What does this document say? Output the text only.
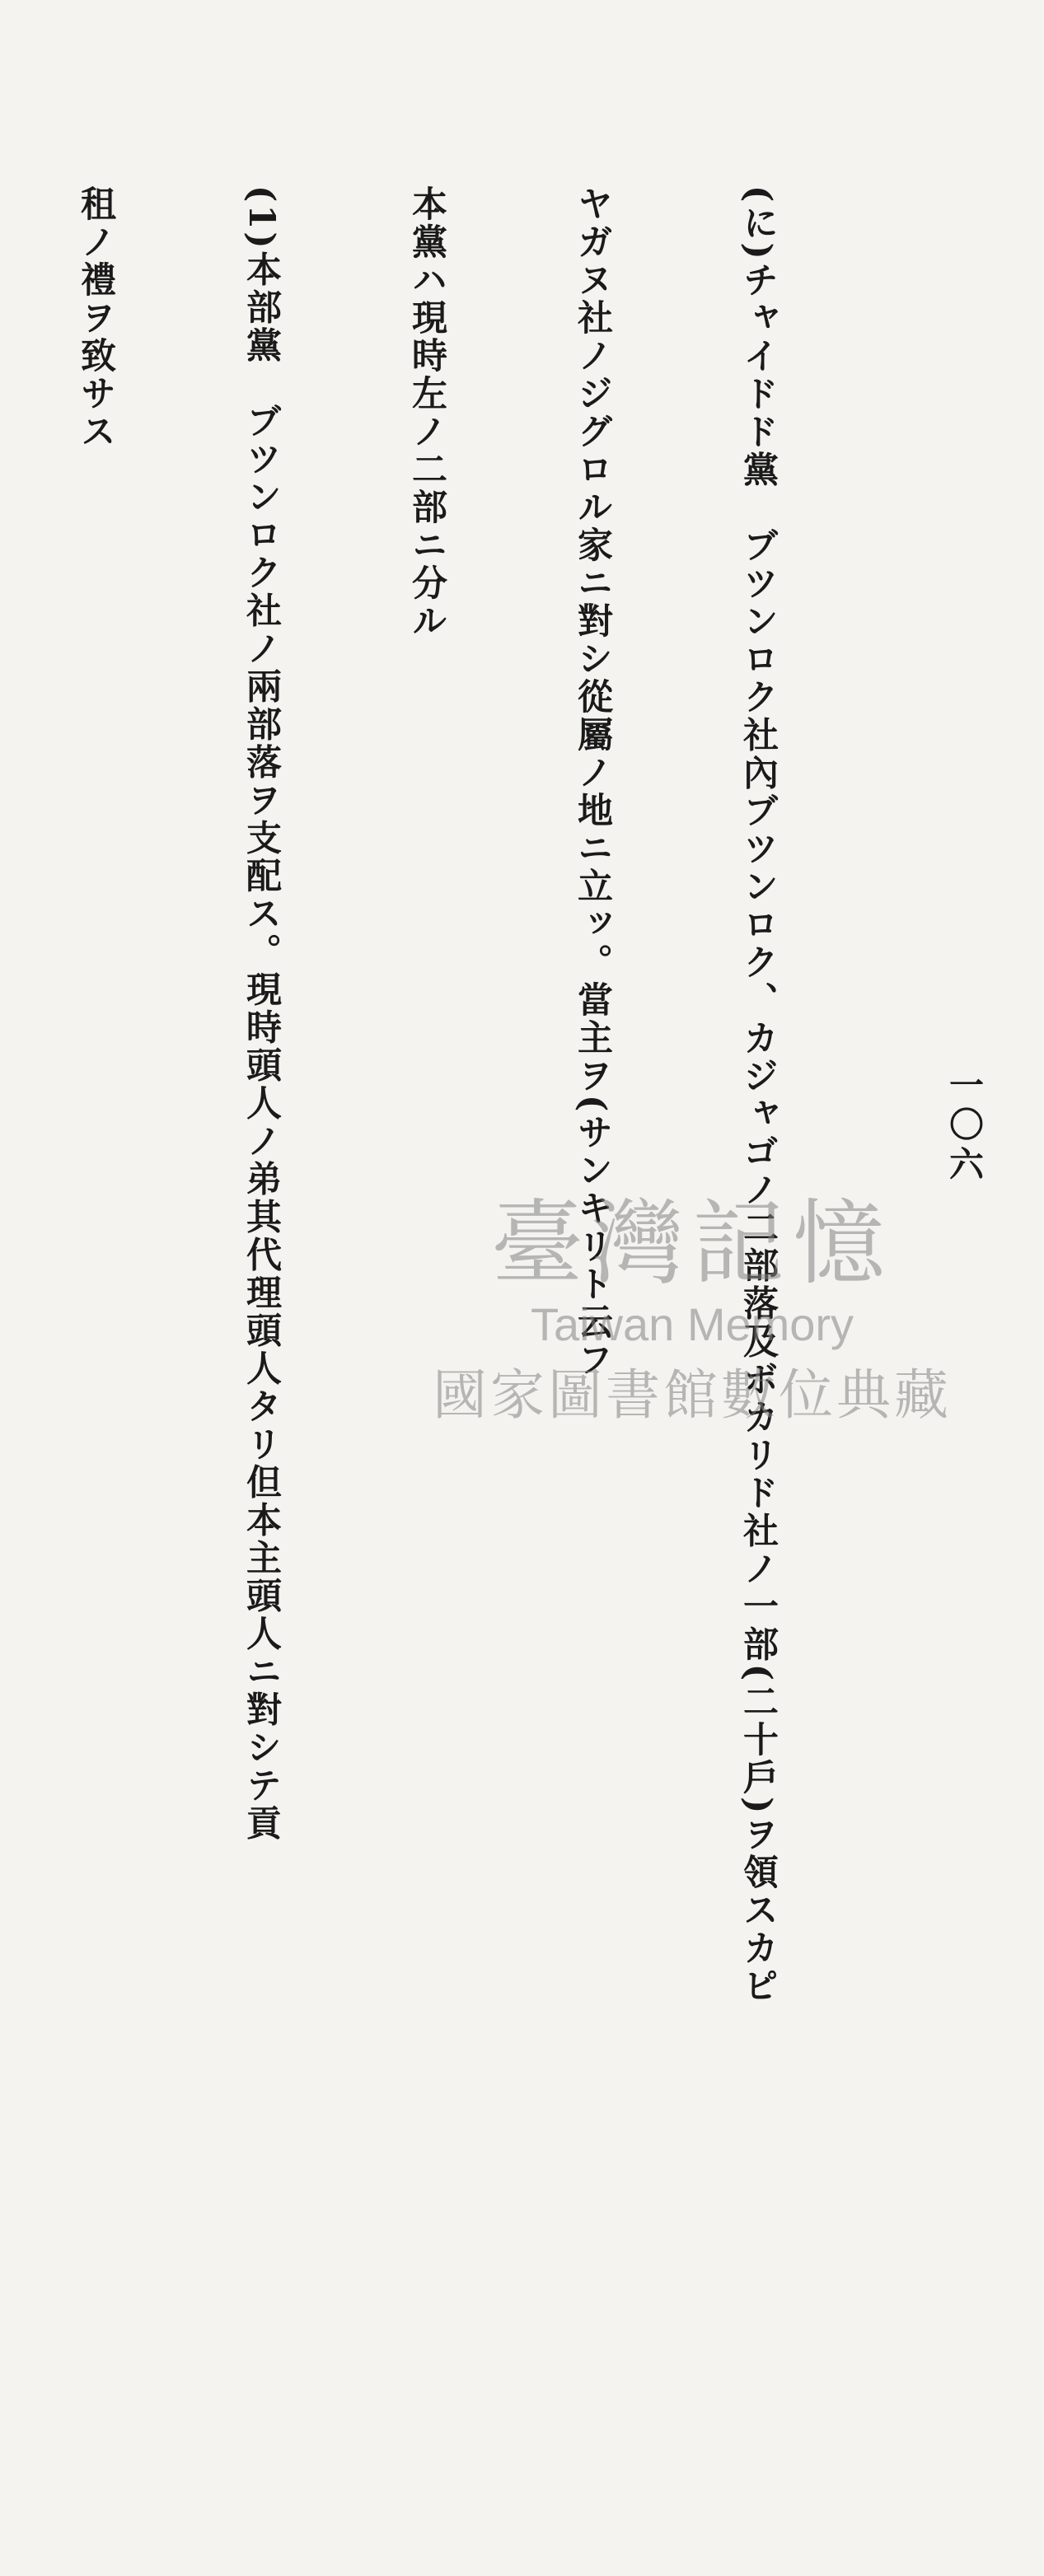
一〇六

(に)チャイドド黨　ブツンロク社內ブツンロク、カジャゴノ二部落及ボカリド社ノ一部(二十戶)ヲ領スカピ

ヤガヌ社ノジグロル家ニ對シ從屬ノ地ニ立ッ。當主ヲ(サンキリト云フ

本黨ハ現時左ノ二部ニ分ル

(1)本部黨　ブツンロク社ノ兩部落ヲ支配ス。現時頭人ノ弟其代理頭人タリ但本主頭人ニ對シテ貢

租ノ禮ヲ致サス

臺灣記憶
Taiwan Memory
國家圖書館數位典藏
